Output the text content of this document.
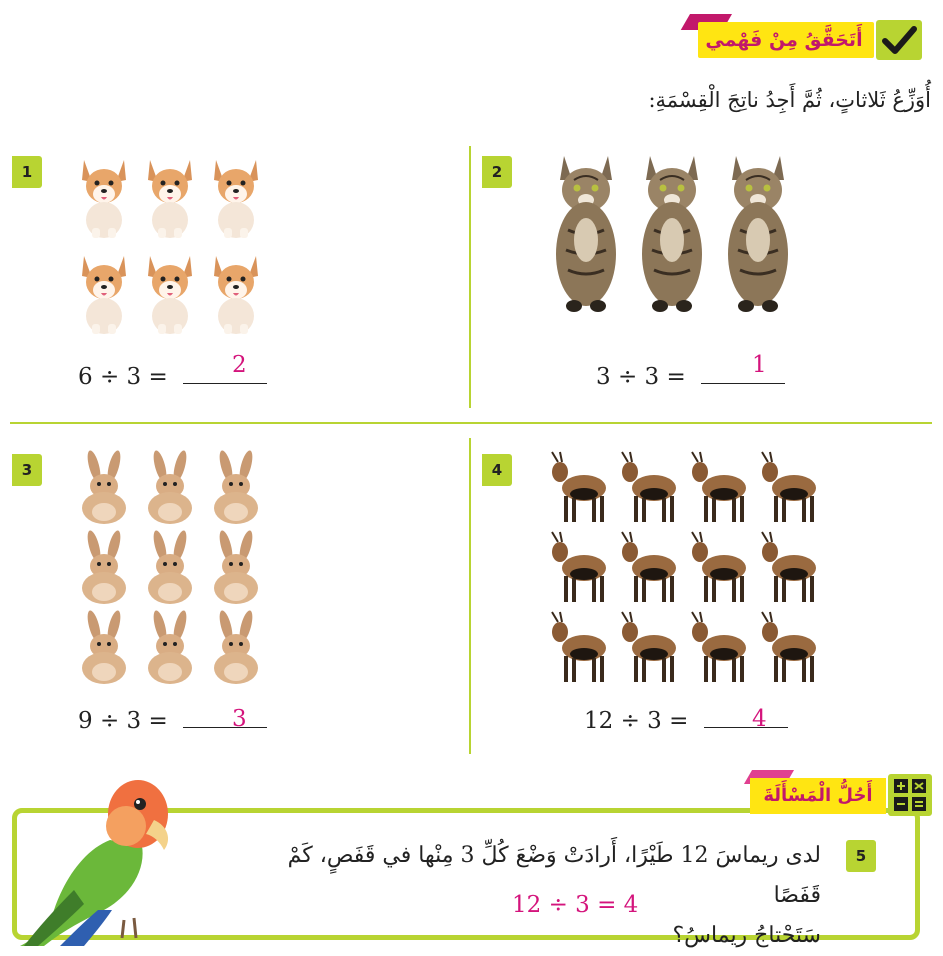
أَتَحَقَّقُ مِنْ فَهْمي
أُوَزِّعُ ثَلاثاتٍ، ثُمَّ أَجِدُ ناتِجَ الْقِسْمَةِ:
1	2
3	4
6 ÷ 3 =	2	3 ÷ 3 =	1
9 ÷ 3 =	3	12 ÷ 3 =	4
أَحُلُّ الْمَسْأَلَةَ
5
لدى ريماسَ 12 طَيْرًا، أَرادَتْ وَضْعَ كُلِّ 3 مِنْها في قَفَصٍ، كَمْ قَفَصًا
سَتَحْتاجُ ريماسُ؟
12 ÷ 3 = 4
